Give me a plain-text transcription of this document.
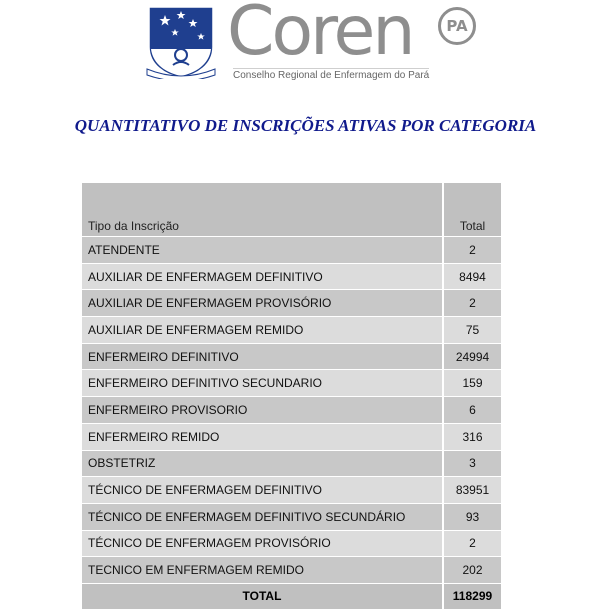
Coren	PA
Conselho Regional de Enfermagem do Pará
QUANTITATIVO DE INSCRIÇÕES ATIVAS POR CATEGORIA
Tipo da Inscrição	Total
ATENDENTE	2
AUXILIAR DE ENFERMAGEM DEFINITIVO	8494
AUXILIAR DE ENFERMAGEM PROVISÓRIO	2
AUXILIAR DE ENFERMAGEM REMIDO	75
ENFERMEIRO DEFINITIVO	24994
ENFERMEIRO DEFINITIVO SECUNDARIO	159
ENFERMEIRO PROVISORIO	6
ENFERMEIRO REMIDO	316
OBSTETRIZ	3
TÉCNICO DE ENFERMAGEM DEFINITIVO	83951
TÉCNICO DE ENFERMAGEM DEFINITIVO SECUNDÁRIO	93
TÉCNICO DE ENFERMAGEM PROVISÓRIO	2
TECNICO EM ENFERMAGEM REMIDO	202
TOTAL	118299
